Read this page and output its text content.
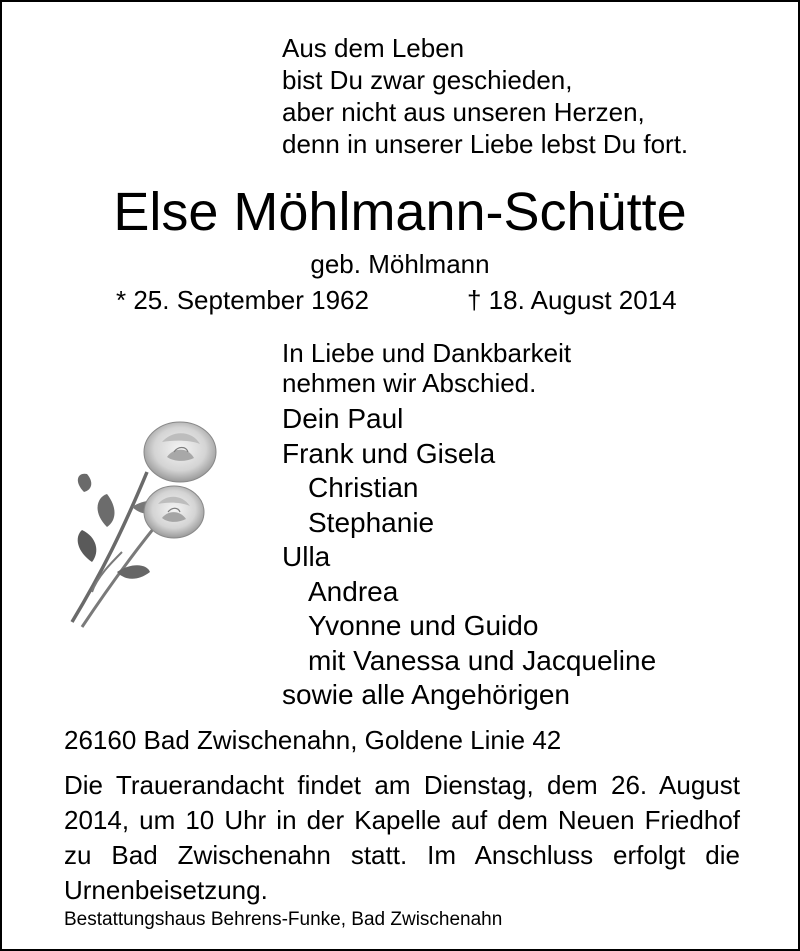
Aus dem Leben
bist Du zwar geschieden,
aber nicht aus unseren Herzen,
denn in unserer Liebe lebst Du fort.
Else Möhlmann-Schütte
geb. Möhlmann
* 25. September 1962	† 18. August 2014
In Liebe und Dankbarkeit
nehmen wir Abschied.
Dein Paul
Frank und Gisela
Christian
Stephanie
Ulla
Andrea
Yvonne und Guido
mit Vanessa und Jacqueline
sowie alle Angehörigen
26160 Bad Zwischenahn, Goldene Linie 42
Die Trauerandacht findet am Dienstag, dem 26. August 2014, um 10 Uhr in der Kapelle auf dem Neuen Friedhof zu Bad Zwischenahn statt. Im Anschluss erfolgt die Urnenbeisetzung.
Bestattungshaus Behrens-Funke, Bad Zwischenahn
